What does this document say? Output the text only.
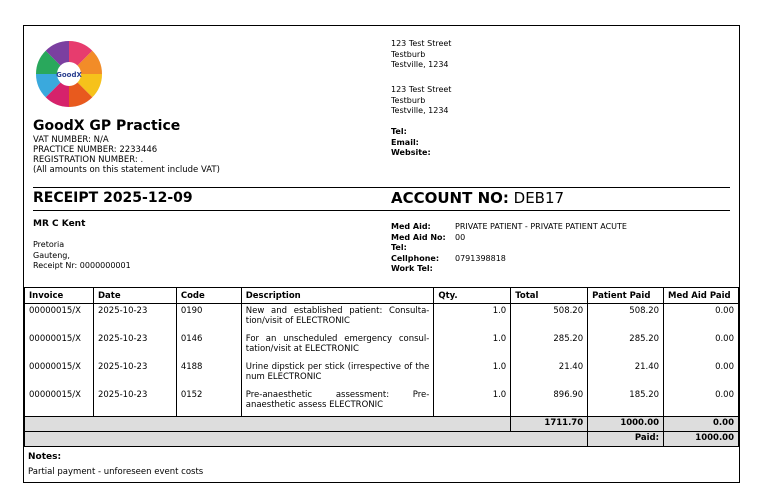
GoodX
GoodX GP Practice
VAT NUMBER: N/A
PRACTICE NUMBER: 2233446
REGISTRATION NUMBER: .
(All amounts on this statement include VAT)
123 Test Street
Testburb
Testville, 1234
123 Test Street
Testburb
Testville, 1234
Tel:
Email:
Website:
RECEIPT 2025-12-09	ACCOUNT NO: DEB17
MR C Kent
Pretoria
Gauteng,
Receipt Nr: 0000000001
Med Aid:	PRIVATE PATIENT - PRIVATE PATIENT ACUTE
Med Aid No: 00
Tel:
Cellphone: 0791398818
Work Tel:
Invoice	Date	Code	Description	Qty.	Total	Patient Paid	Med Aid Paid
00000015/X	2025-10-23	0190	New and established patient: Consulta-tion/visit of ELECTRONIC	1.0	508.20	508.20	0.00
00000015/X	2025-10-23	0146	For an unscheduled emergency consul-tation/visit at ELECTRONIC	1.0	285.20	285.20	0.00
00000015/X	2025-10-23	4188	Urine dipstick per stick (irrespective of the num ELECTRONIC	1.0	21.40	21.40	0.00
00000015/X	2025-10-23	0152	Pre-anaesthetic assessment: Pre-anaesthetic assess ELECTRONIC	1.0	896.90	185.20	0.00
					1711.70	1000.00	0.00
						Paid:	1000.00
Notes:
Partial payment - unforeseen event costs
